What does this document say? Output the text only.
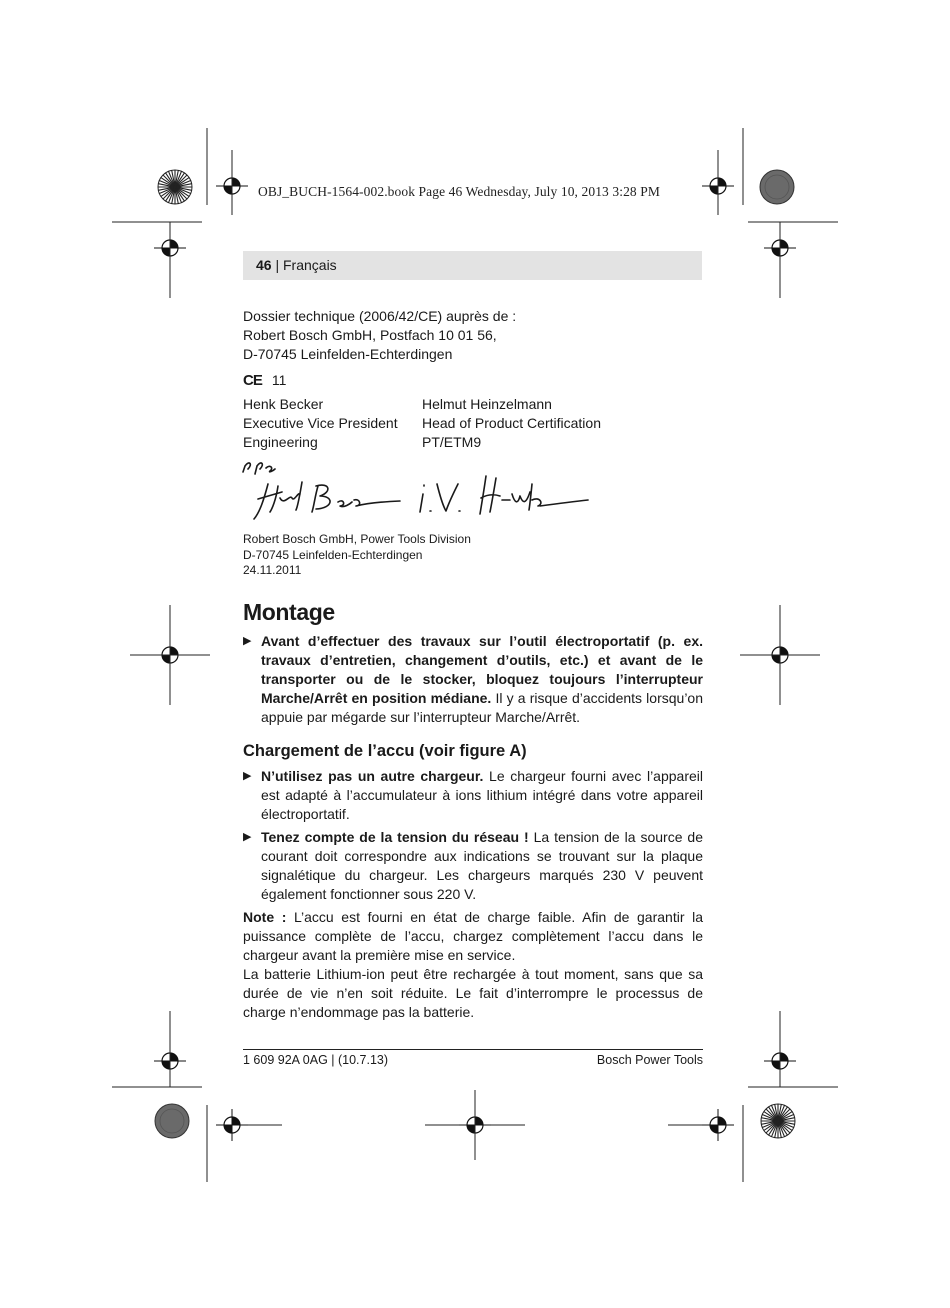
OBJ_BUCH-1564-002.book Page 46 Wednesday, July 10, 2013 3:28 PM
46 | Français

Dossier technique (2006/42/CE) auprès de :

Robert Bosch GmbH, Postfach 10 01 56,

D-70745 Leinfelden-Echterdingen

CE 11

Henk Becker

Executive Vice President

Engineering

Helmut Heinzelmann

Head of Product Certification

PT/ETM9

Robert Bosch GmbH, Power Tools Division

D-70745 Leinfelden-Echterdingen

24.11.2011

Montage
▶ Avant d’effectuer des travaux sur l’outil électroportatif (p. ex. travaux d’entretien, changement d’outils, etc.) et avant de le transporter ou de le stocker, bloquez toujours l’interrupteur Marche/Arrêt en position médiane. Il y a risque d’accidents lorsqu’on appuie par mégarde sur l’interrupteur Marche/Arrêt.
Chargement de l’accu (voir figure A)
▶ N’utilisez pas un autre chargeur. Le chargeur fourni avec l’appareil est adapté à l’accumulateur à ions lithium intégré dans votre appareil électroportatif.
▶ Tenez compte de la tension du réseau ! La tension de la source de courant doit correspondre aux indications se trouvant sur la plaque signalétique du chargeur. Les chargeurs marqués 230 V peuvent également fonctionner sous 220 V.

Note : L’accu est fourni en état de charge faible. Afin de garantir la puissance complète de l’accu, chargez complètement l’accu dans le chargeur avant la première mise en service.

La batterie Lithium-ion peut être rechargée à tout moment, sans que sa durée de vie n’en soit réduite. Le fait d’interrompre le processus de charge n’endommage pas la batterie.

1 609 92A 0AG | (10.7.13)	Bosch Power Tools
